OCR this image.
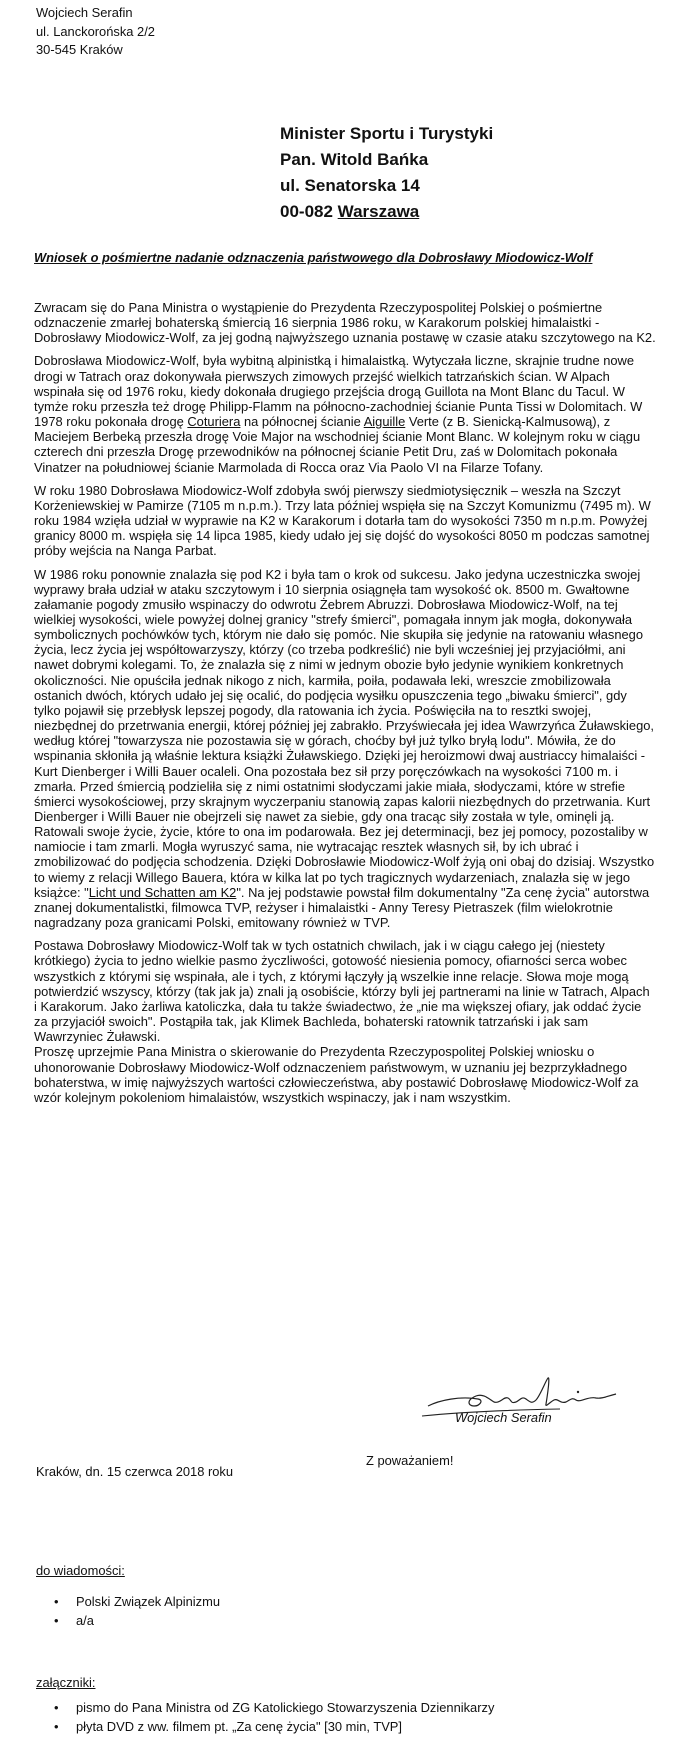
Wojciech Serafin
ul. Lanckorońska 2/2
30-545 Kraków
Minister Sportu i Turystyki
Pan. Witold Bańka
ul. Senatorska 14
00-082 Warszawa
Wniosek o pośmiertne nadanie odznaczenia państwowego dla Dobrosławy Miodowicz-Wolf

Zwracam się do Pana Ministra o wystąpienie do Prezydenta Rzeczypospolitej Polskiej o pośmiertne odznaczenie zmarłej bohaterską śmiercią 16 sierpnia 1986 roku, w Karakorum polskiej himalaistki - Dobrosławy Miodowicz-Wolf, za jej godną najwyższego uznania postawę w czasie ataku szczytowego na K2.

Dobrosława Miodowicz-Wolf, była wybitną alpinistką i himalaistką. Wytyczała liczne, skrajnie trudne nowe drogi w Tatrach oraz dokonywała pierwszych zimowych przejść wielkich tatrzańskich ścian. W Alpach wspinała się od 1976 roku, kiedy dokonała drugiego przejścia drogą Guillota na Mont Blanc du Tacul. W tymże roku przeszła też drogę Philipp-Flamm na północno-zachodniej ścianie Punta Tissi w Dolomitach. W 1978 roku pokonała drogę Coturiera na północnej ścianie Aiguille Verte (z B. Sienicką-Kalmusową), z Maciejem Berbeką przeszła drogę Voie Major na wschodniej ścianie Mont Blanc. W kolejnym roku w ciągu czterech dni przeszła Drogę przewodników na północnej ścianie Petit Dru, zaś w Dolomitach pokonała Vinatzer na południowej ścianie Marmolada di Rocca oraz Via Paolo VI na Filarze Tofany.

W roku 1980 Dobrosława Miodowicz-Wolf zdobyła swój pierwszy siedmiotysięcznik – weszła na Szczyt Korżeniewskiej w Pamirze (7105 m n.p.m.). Trzy lata później wspięła się na Szczyt Komunizmu (7495 m). W roku 1984 wzięła udział w wyprawie na K2 w Karakorum i dotarła tam do wysokości 7350 m n.p.m. Powyżej granicy 8000 m. wspięła się 14 lipca 1985, kiedy udało jej się dojść do wysokości 8050 m podczas samotnej próby wejścia na Nanga Parbat.

W 1986 roku ponownie znalazła się pod K2 i była tam o krok od sukcesu. Jako jedyna uczestniczka swojej wyprawy brała udział w ataku szczytowym i 10 sierpnia osiągnęła tam wysokość ok. 8500 m. Gwałtowne załamanie pogody zmusiło wspinaczy do odwrotu Żebrem Abruzzi. Dobrosława Miodowicz-Wolf, na tej wielkiej wysokości, wiele powyżej dolnej granicy "strefy śmierci", pomagała innym jak mogła, dokonywała symbolicznych pochówków tych, którym nie dało się pomóc. Nie skupiła się jedynie na ratowaniu własnego życia, lecz życia jej współtowarzyszy, którzy (co trzeba podkreślić) nie byli wcześniej jej przyjaciółmi, ani nawet dobrymi kolegami. To, że znalazła się z nimi w jednym obozie było jedynie wynikiem konkretnych okoliczności. Nie opuściła jednak nikogo z nich, karmiła, poiła, podawała leki, wreszcie zmobilizowała ostanich dwóch, których udało jej się ocalić, do podjęcia wysiłku opuszczenia tego „biwaku śmierci", gdy tylko pojawił się przebłysk lepszej pogody, dla ratowania ich życia. Poświęciła na to resztki swojej, niezbędnej do przetrwania energii, której później jej zabrakło. Przyświecała jej idea Wawrzyńca Żuławskiego, według której "towarzysza nie pozostawia się w górach, choćby był już tylko bryłą lodu". Mówiła, że do wspinania skłoniła ją właśnie lektura książki Żuławskiego. Dzięki jej heroizmowi dwaj austriaccy himalaiści - Kurt Dienberger i Willi Bauer ocaleli. Ona pozostała bez sił przy poręczówkach na wysokości 7100 m. i zmarła. Przed śmiercią podzieliła się z nimi ostatnimi słodyczami jakie miała, słodyczami, które w strefie śmierci wysokościowej, przy skrajnym wyczerpaniu stanowią zapas kalorii niezbędnych do przetrwania. Kurt Dienberger i Willi Bauer nie obejrzeli się nawet za siebie, gdy ona tracąc siły została w tyle, ominęli ją. Ratowali swoje życie, życie, które to ona im podarowała. Bez jej determinacji, bez jej pomocy, pozostaliby w namiocie i tam zmarli. Mogła wyruszyć sama, nie wytracając resztek własnych sił, by ich ubrać i zmobilizować do podjęcia schodzenia. Dzięki Dobrosławie Miodowicz-Wolf żyją oni obaj do dzisiaj. Wszystko to wiemy z relacji Willego Bauera, która w kilka lat po tych tragicznych wydarzeniach, znalazła się w jego książce: "Licht und Schatten am K2". Na jej podstawie powstał film dokumentalny "Za cenę życia" autorstwa znanej dokumentalistki, filmowca TVP, reżyser i himalaistki - Anny Teresy Pietraszek (film wielokrotnie nagradzany poza granicami Polski, emitowany również w TVP.

Postawa Dobrosławy Miodowicz-Wolf tak w tych ostatnich chwilach, jak i w ciągu całego jej (niestety krótkiego) życia to jedno wielkie pasmo życzliwości, gotowość niesienia pomocy, ofiarności serca wobec wszystkich z którymi się wspinała, ale i tych, z którymi łączyły ją wszelkie inne relacje. Słowa moje mogą potwierdzić wszyscy, którzy (tak jak ja) znali ją osobiście, którzy byli jej partnerami na linie w Tatrach, Alpach i Karakorum. Jako żarliwa katoliczka, dała tu także świadectwo, że „nie ma większej ofiary, jak oddać życie za przyjaciół swoich". Postąpiła tak, jak Klimek Bachleda, bohaterski ratownik tatrzański i jak sam Wawrzyniec Żuławski.

Proszę uprzejmie Pana Ministra o skierowanie do Prezydenta Rzeczypospolitej Polskiej wniosku o uhonorowanie Dobrosławy Miodowicz-Wolf odznaczeniem państwowym, w uznaniu jej bezprzykładnego bohaterstwa, w imię najwyższych wartości człowieczeństwa, aby postawić Dobrosławę Miodowicz-Wolf za wzór kolejnym pokoleniom himalaistów, wszystkich wspinaczy, jak i nam wszystkim.

Z poważaniem!
Wojciech Serafin
Kraków, dn. 15 czerwca 2018 roku
do wiadomości:
• Polski Związek Alpinizmu
• a/a
załączniki:
• pismo do Pana Ministra od ZG Katolickiego Stowarzyszenia Dziennikarzy
• płyta DVD z ww. filmem pt. „Za cenę życia" [30 min, TVP]
